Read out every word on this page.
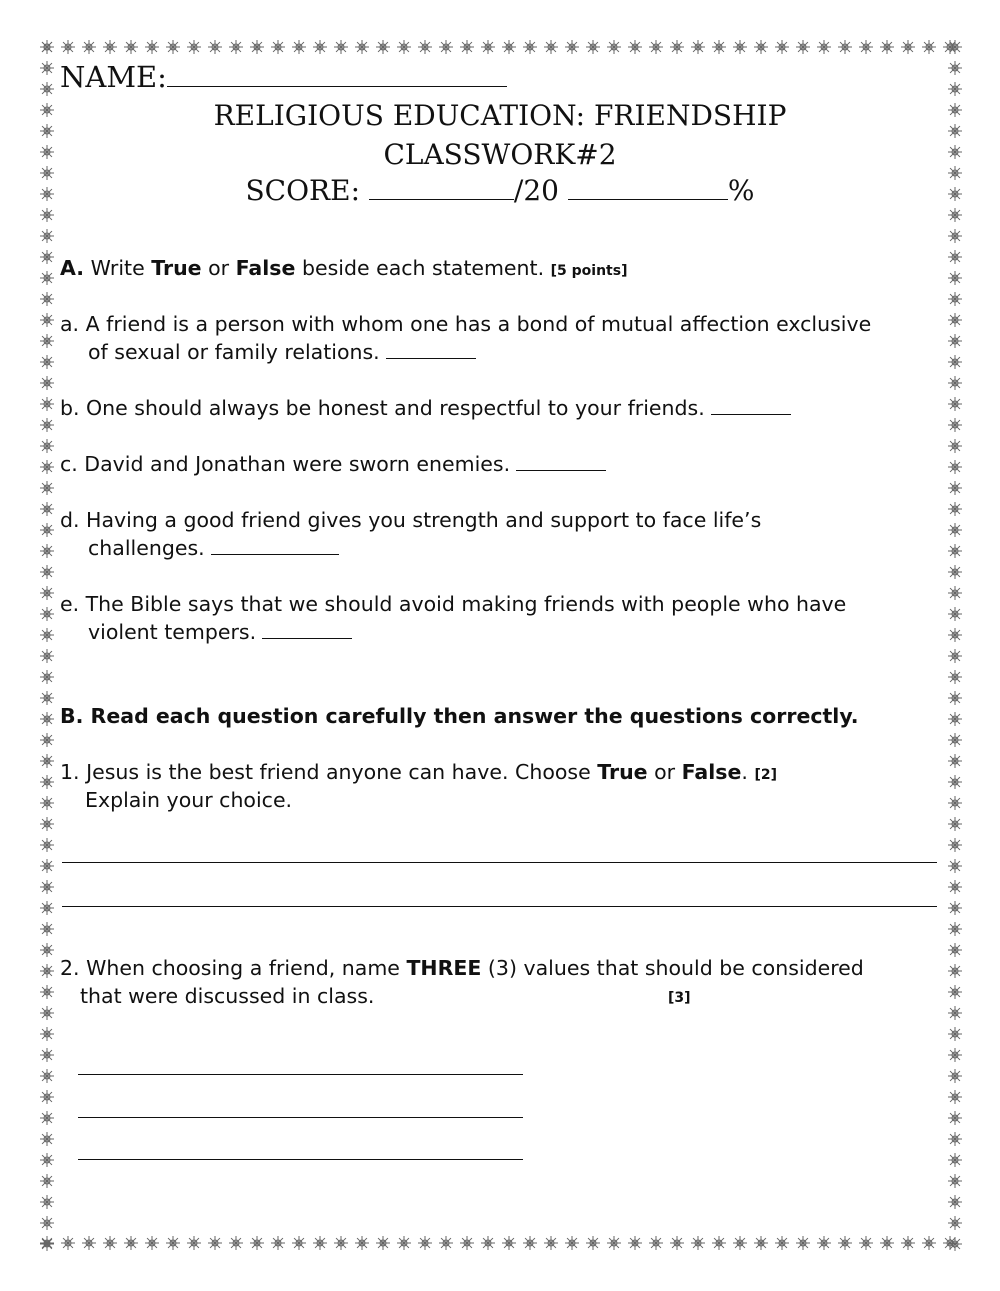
NAME:
RELIGIOUS EDUCATION: FRIENDSHIP
CLASSWORK#2
SCORE:	/20	%
A. Write True or False beside each statement. [5 points]
a. A friend is a person with whom one has a bond of mutual affection exclusive
of sexual or family relations.
b. One should always be honest and respectful to your friends.
c. David and Jonathan were sworn enemies.
d. Having a good friend gives you strength and support to face life’s
challenges.
e. The Bible says that we should avoid making friends with people who have
violent tempers.
B. Read each question carefully then answer the questions correctly.
1. Jesus is the best friend anyone can have. Choose True or False. [2]
Explain your choice.
2. When choosing a friend, name THREE (3) values that should be considered
that were discussed in class.	[3]
